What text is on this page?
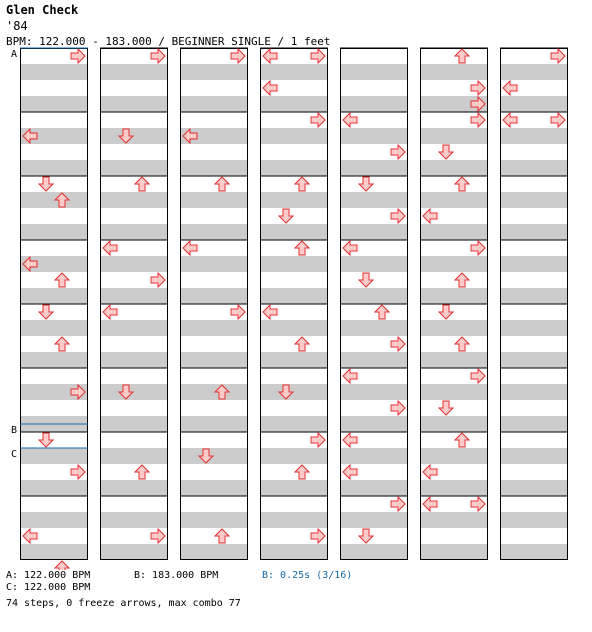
Glen Check
'84
BPM: 122.000 - 183.000 / BEGINNER SINGLE / 1 feet
A
B
C
A: 122.000 BPM	B: 183.000 BPM	B: 0.25s (3/16)
C: 122.000 BPM
74 steps, 0 freeze arrows, max combo 77
